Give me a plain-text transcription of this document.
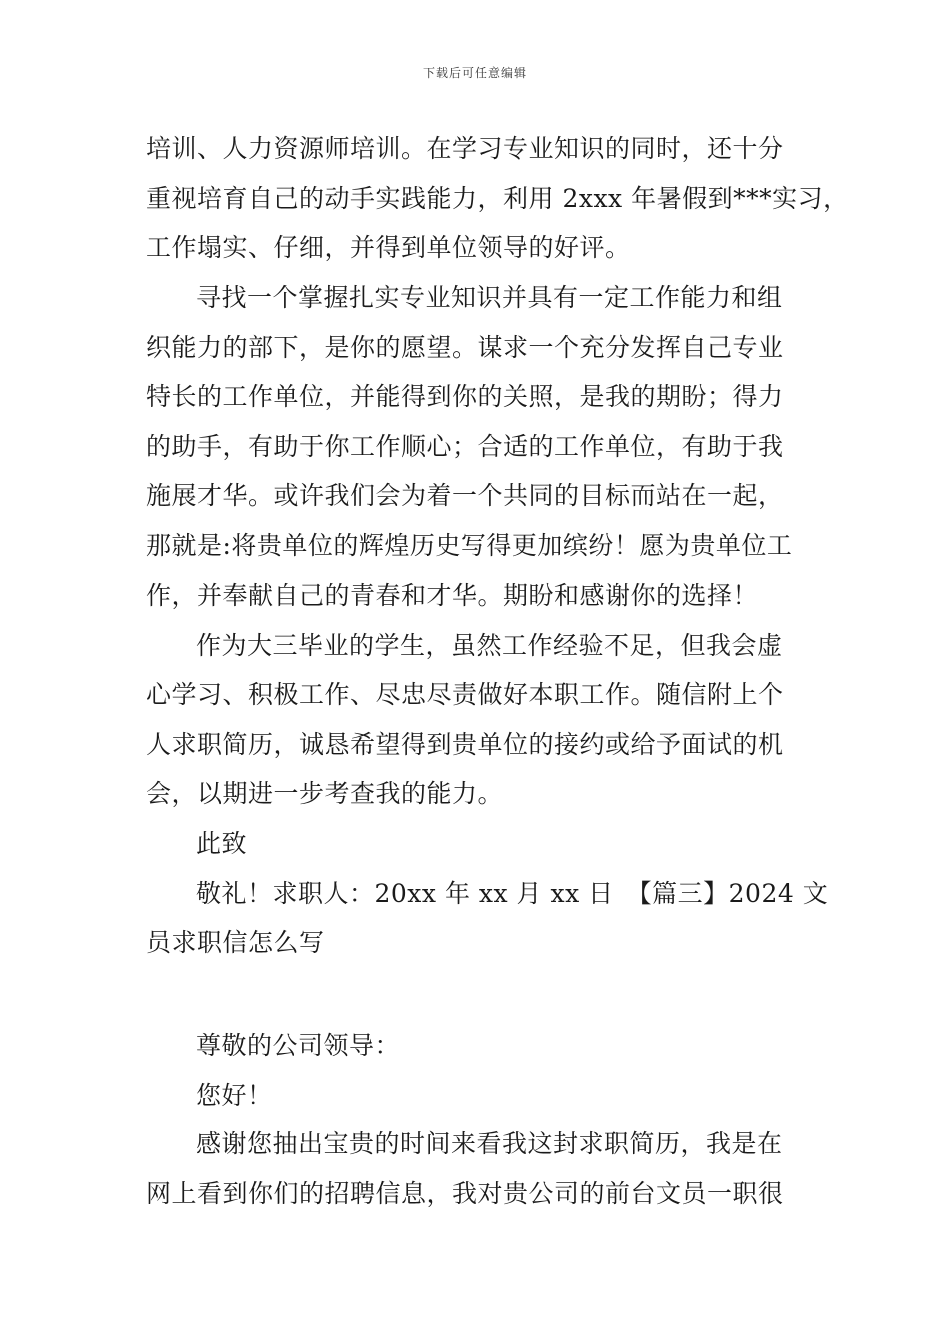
下载后可任意编辑
培训、人力资源师培训。在学习专业知识的同时，还十分
重视培育自己的动手实践能力，利用 2xxx 年暑假到***实习，
工作塌实、仔细，并得到单位领导的好评。
寻找一个掌握扎实专业知识并具有一定工作能力和组
织能力的部下，是你的愿望。谋求一个充分发挥自己专业
特长的工作单位，并能得到你的关照，是我的期盼；得力
的助手，有助于你工作顺心；合适的工作单位，有助于我
施展才华。或许我们会为着一个共同的目标而站在一起，
那就是:将贵单位的辉煌历史写得更加缤纷！愿为贵单位工
作，并奉献自己的青春和才华。期盼和感谢你的选择！
作为大三毕业的学生，虽然工作经验不足，但我会虚
心学习、积极工作、尽忠尽责做好本职工作。随信附上个
人求职简历，诚恳希望得到贵单位的接约或给予面试的机
会，以期进一步考查我的能力。
此致
敬礼！求职人：20xx 年 xx 月 xx 日　【篇三】2024 文
员求职信怎么写
尊敬的公司领导：
您好！
感谢您抽出宝贵的时间来看我这封求职简历，我是在
网上看到你们的招聘信息，我对贵公司的前台文员一职很
